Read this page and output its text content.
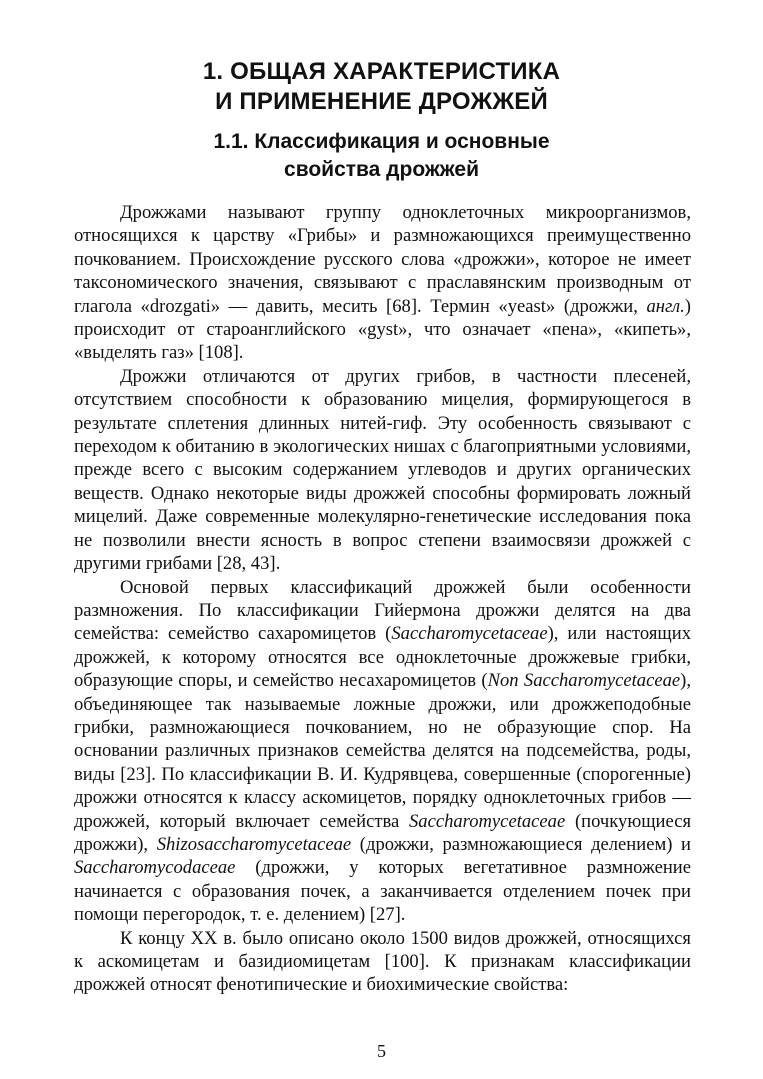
1. ОБЩАЯ ХАРАКТЕРИСТИКА
И ПРИМЕНЕНИЕ ДРОЖЖЕЙ
1.1. Классификация и основные
свойства дрожжей

Дрожжами называют группу одноклеточных микроорганизмов, относящихся к царству «Грибы» и размножающихся преимущественно почкованием. Происхождение русского слова «дрожжи», которое не имеет таксономического значения, связывают с праславянским производным от глагола «drozgati» — давить, месить [68]. Термин «yeast» (дрожжи, англ.) происходит от староанглийского «gyst», что означает «пена», «кипеть», «выделять газ» [108].

Дрожжи отличаются от других грибов, в частности плесеней, отсутствием способности к образованию мицелия, формирующегося в результате сплетения длинных нитей-гиф. Эту особенность связывают с переходом к обитанию в экологических нишах с благоприятными условиями, прежде всего с высоким содержанием углеводов и других органических веществ. Однако некоторые виды дрожжей способны формировать ложный мицелий. Даже современные молекулярно-генетические исследования пока не позволили внести ясность в вопрос степени взаимосвязи дрожжей с другими грибами [28, 43].

Основой первых классификаций дрожжей были особенности размножения. По классификации Гийермона дрожжи делятся на два семейства: семейство сахаромицетов (Saccharomycetaceae), или настоящих дрожжей, к которому относятся все одноклеточные дрожжевые грибки, образующие споры, и семейство несахаромицетов (Non Saccharomycetaceae), объединяющее так называемые ложные дрожжи, или дрожжеподобные грибки, размножающиеся почкованием, но не образующие спор. На основании различных признаков семейства делятся на подсемейства, роды, виды [23]. По классификации В. И. Кудрявцева, совершенные (спорогенные) дрожжи относятся к классу аскомицетов, порядку одноклеточных грибов — дрожжей, который включает семейства Saccharomycetaceae (почкующиеся дрожжи), Shizosaccharomycetaceae (дрожжи, размножающиеся делением) и Saccharomycodaceae (дрожжи, у которых вегетативное размножение начинается с образования почек, а заканчивается отделением почек при помощи перегородок, т. е. делением) [27].

К концу XX в. было описано около 1500 видов дрожжей, относящихся к аскомицетам и базидиомицетам [100]. К признакам классификации дрожжей относят фенотипические и биохимические свойства:

5
